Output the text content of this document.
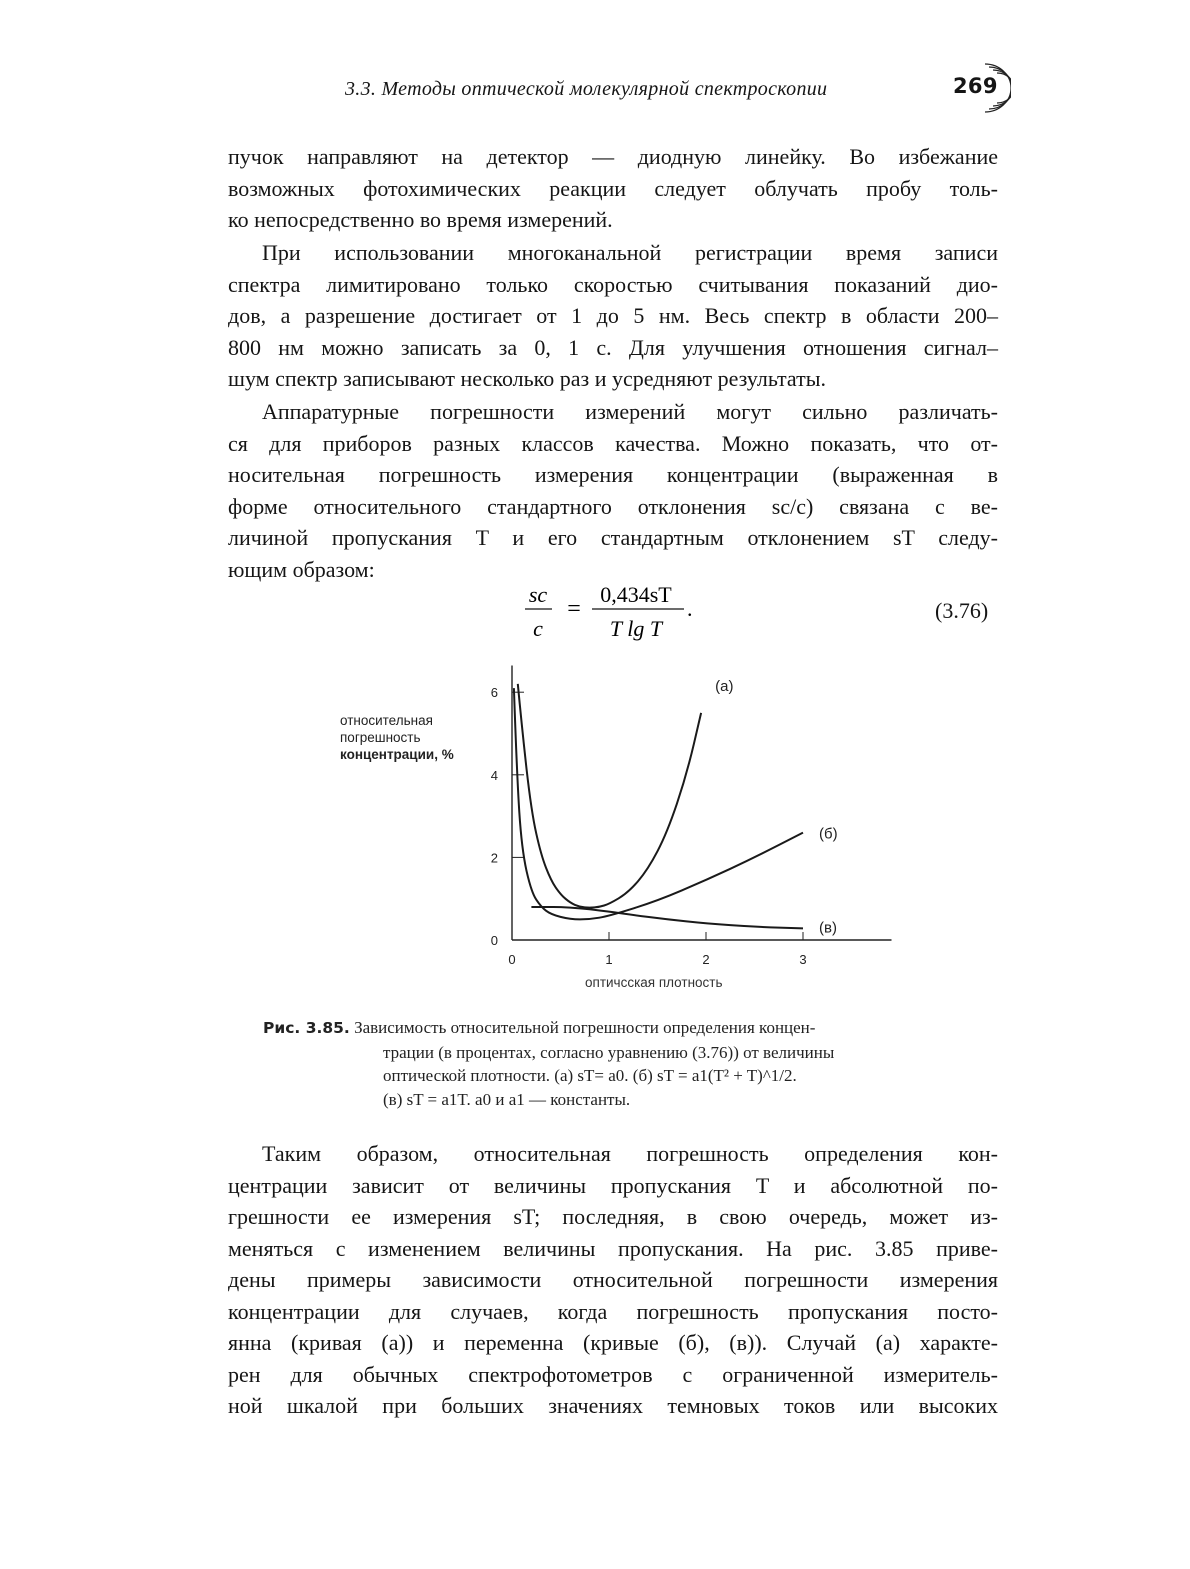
3.3. Методы оптической молекулярной спектроскопии	269
пучок направляют на детектор — диодную линейку. Во избежание
возможных фотохимических реакции следует облучать пробу толь-
ко непосредственно во время измерений.
При использовании многоканальной регистрации время записи
спектра лимитировано только скоростью считывания показаний дио-
дов, а разрешение достигает от 1 до 5 нм. Весь спектр в области 200–
800 нм можно записать за 0, 1 с. Для улучшения отношения сигнал–
шум спектр записывают несколько раз и усредняют результаты.
Аппаратурные погрешности измерений могут сильно различать-
ся для приборов разных классов качества. Можно показать, что от-
носительная погрешность измерения концентрации (выраженная в
форме относительного стандартного отклонения sc/c) связана с ве-
личиной пропускания T и его стандартным отклонением sT следу-
ющим образом:
sc
c
=
0,434sT
T lg T
.	(3.76)
относительная
погрешность
концентрации, %
0
2
4
6
0	1	2	3
(а)
(б)
(в)
оптичсская плотность
Рис. 3.85. Зависимость относительной погрешности определения концен-
трации (в процентах, согласно уравнению (3.76)) от величины
оптической плотности. (а) sT= a0. (б) sT = a1(T² + T)^1/2.
(в) sT = a1T. a0 и a1 — константы.
Таким образом, относительная погрешность определения кон-
центрации зависит от величины пропускания T и абсолютной по-
грешности ее измерения sT; последняя, в свою очередь, может из-
меняться с изменением величины пропускания. На рис. 3.85 приве-
дены примеры зависимости относительной погрешности измерения
концентрации для случаев, когда погрешность пропускания посто-
янна (кривая (а)) и переменна (кривые (б), (в)). Случай (а) характе-
рен для обычных спектрофотометров с ограниченной измеритель-
ной шкалой при больших значениях темновых токов или высоких
